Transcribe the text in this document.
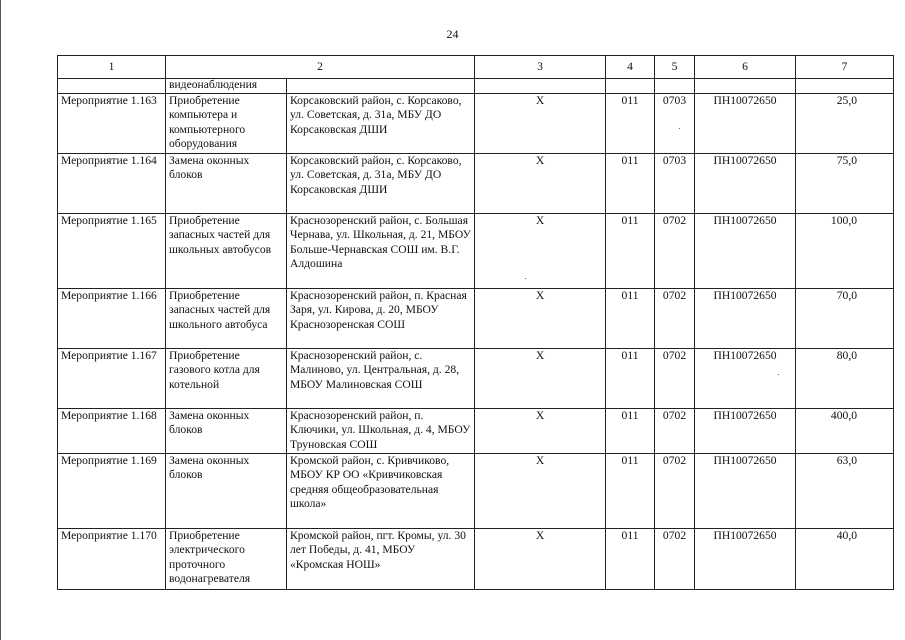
24
1	2		3	4	5	6	7
	видеонаблюдения						
Мероприятие 1.163	Приобретение компьютера и компьютерного оборудования	Корсаковский район, с. Корсаково, ул. Советская, д. 31а, МБУ ДО Корсаковская ДШИ	Х	011	0703	ПН10072650	25,0
Мероприятие 1.164	Замена оконных блоков	Корсаковский район, с. Корсаково, ул. Советская, д. 31а, МБУ ДО Корсаковская ДШИ	Х	011	0703	ПН10072650	75,0
Мероприятие 1.165	Приобретение запасных частей для школьных автобусов	Краснозоренский район, с. Большая Чернава, ул. Школьная, д. 21, МБОУ Больше-Чернавская СОШ им. В.Г. Алдошина	Х	011	0702	ПН10072650	100,0
Мероприятие 1.166	Приобретение запасных частей для школьного автобуса	Краснозоренский район, п. Красная Заря, ул. Кирова, д. 20, МБОУ Краснозоренская СОШ	Х	011	0702	ПН10072650	70,0
Мероприятие 1.167	Приобретение газового котла для котельной	Краснозоренский район, с. Малиново, ул. Центральная, д. 28, МБОУ Малиновская СОШ	Х	011	0702	ПН10072650	80,0
Мероприятие 1.168	Замена оконных блоков	Краснозоренский район, п. Ключики, ул. Школьная, д. 4, МБОУ Труновская СОШ	Х	011	0702	ПН10072650	400,0
Мероприятие 1.169	Замена оконных блоков	Кромской район, с. Кривчиково, МБОУ КР ОО «Кривчиковская средняя общеобразовательная школа»	Х	011	0702	ПН10072650	63,0
Мероприятие 1.170	Приобретение электрического проточного водонагревателя	Кромской район, пгт. Кромы, ул. 30 лет Победы, д. 41, МБОУ «Кромская НОШ»	Х	011	0702	ПН10072650	40,0
